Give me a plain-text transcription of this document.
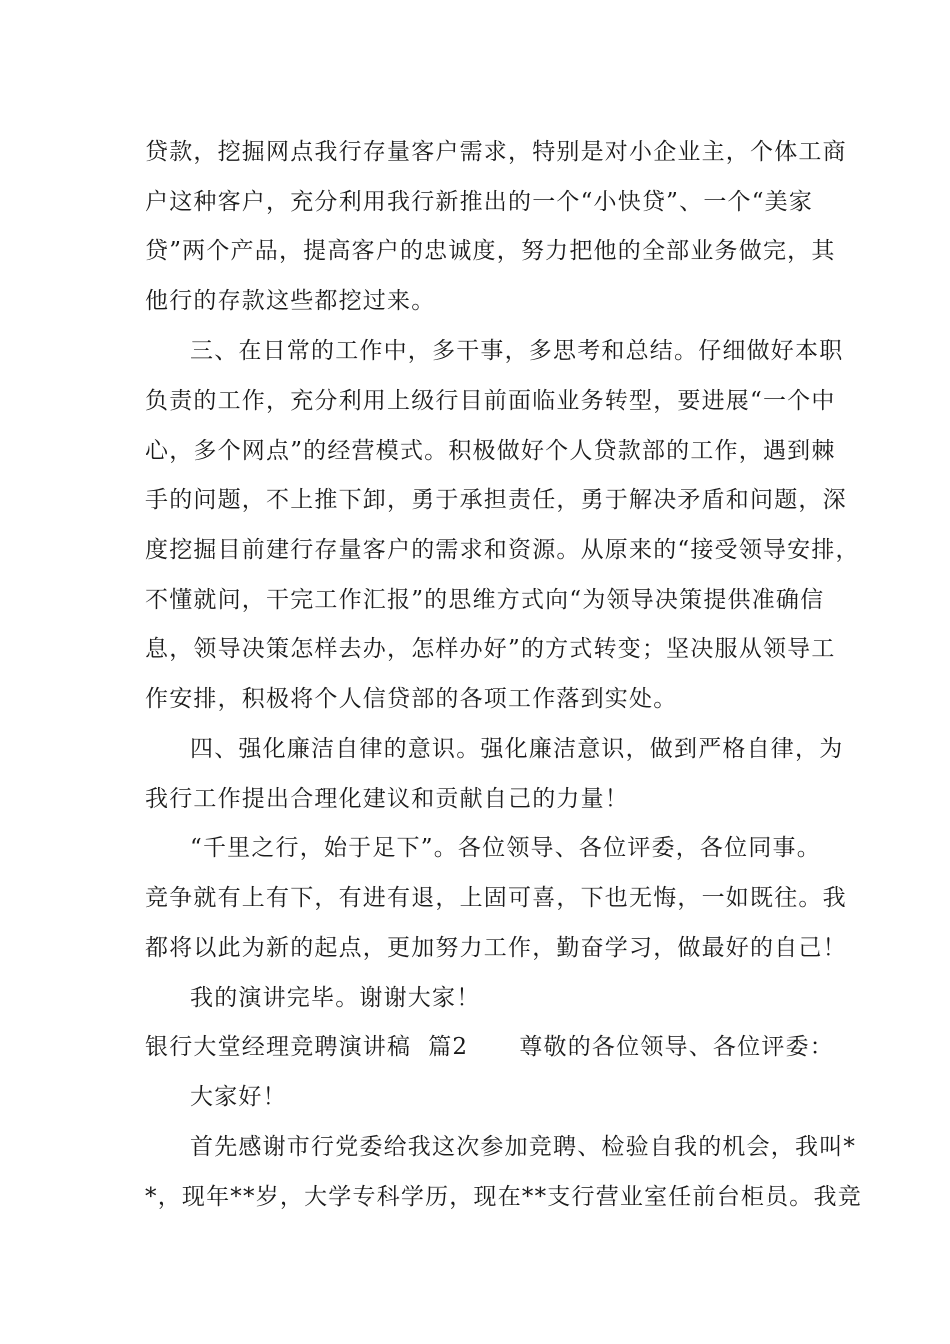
贷款，挖掘网点我行存量客户需求，特别是对小企业主，个体工商
户这种客户，充分利用我行新推出的一个“小快贷”、一个“美家
贷”两个产品，提高客户的忠诚度，努力把他的全部业务做完，其
他行的存款这些都挖过来。
三、在日常的工作中，多干事，多思考和总结。仔细做好本职
负责的工作，充分利用上级行目前面临业务转型，要进展“一个中
心，多个网点”的经营模式。积极做好个人贷款部的工作，遇到棘
手的问题，不上推下卸，勇于承担责任，勇于解决矛盾和问题，深
度挖掘目前建行存量客户的需求和资源。从原来的“接受领导安排，
不懂就问，干完工作汇报”的思维方式向“为领导决策提供准确信
息，领导决策怎样去办，怎样办好”的方式转变；坚决服从领导工
作安排，积极将个人信贷部的各项工作落到实处。
四、强化廉洁自律的意识。强化廉洁意识，做到严格自律，为
我行工作提出合理化建议和贡献自己的力量！
“千里之行，始于足下”。各位领导、各位评委，各位同事。
竞争就有上有下，有进有退，上固可喜，下也无悔，一如既往。我
都将以此为新的起点，更加努力工作，勤奋学习，做最好的自己！
我的演讲完毕。谢谢大家！
银行大堂经理竞聘演讲稿  篇2      尊敬的各位领导、各位评委：
大家好！
首先感谢市行党委给我这次参加竞聘、检验自我的机会，我叫*
*，现年**岁，大学专科学历，现在**支行营业室任前台柜员。我竞
